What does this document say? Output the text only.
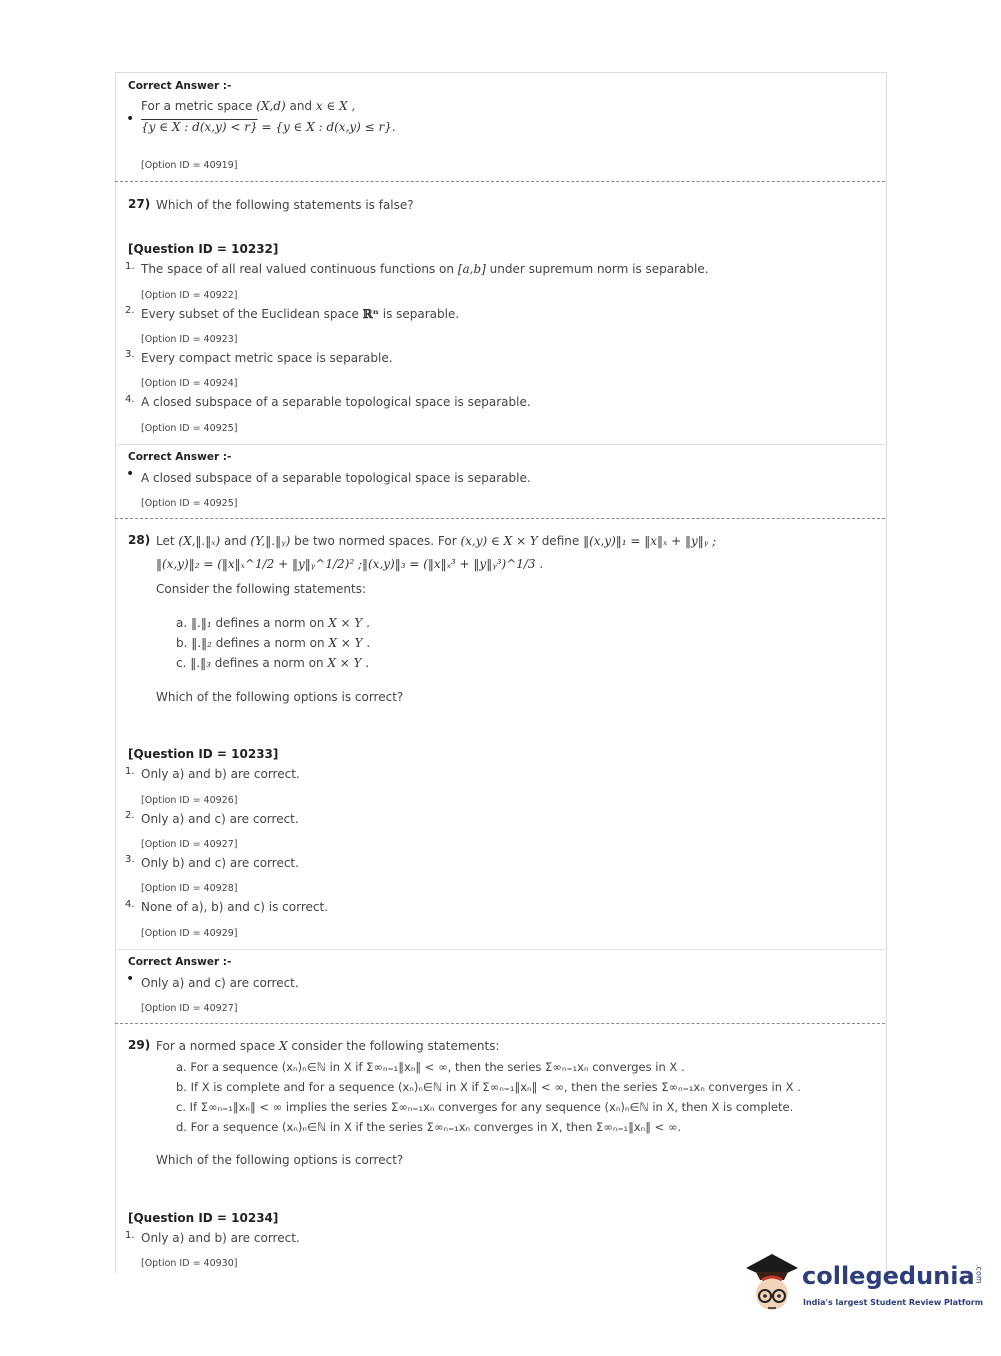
Correct Answer :-
For a metric space (X,d) and x ∈ X ,
• {y ∈ X : d(x,y) < r} = {y ∈ X : d(x,y) ≤ r}.
[Option ID = 40919]
27) Which of the following statements is false?
[Question ID = 10232]
1. The space of all real valued continuous functions on [a,b] under supremum norm is separable.
[Option ID = 40922]
2. Every subset of the Euclidean space ℝⁿ is separable.
[Option ID = 40923]
3. Every compact metric space is separable.
[Option ID = 40924]
4. A closed subspace of a separable topological space is separable.
[Option ID = 40925]
Correct Answer :-
• A closed subspace of a separable topological space is separable.
[Option ID = 40925]
28) Let (X,‖.‖ₓ) and (Y,‖.‖ᵧ) be two normed spaces. For (x,y) ∈ X × Y define ‖(x,y)‖₁ = ‖x‖ₓ + ‖y‖ᵧ ;
‖(x,y)‖₂ = (‖x‖ₓ^1/2 + ‖y‖ᵧ^1/2)² ;‖(x,y)‖₃ = (‖x‖ₓ³ + ‖y‖ᵧ³)^1/3 .
Consider the following statements:
a. ‖.‖₁ defines a norm on X × Y .
b. ‖.‖₂ defines a norm on X × Y .
c. ‖.‖₃ defines a norm on X × Y .
Which of the following options is correct?
[Question ID = 10233]
1. Only a) and b) are correct.
[Option ID = 40926]
2. Only a) and c) are correct.
[Option ID = 40927]
3. Only b) and c) are correct.
[Option ID = 40928]
4. None of a), b) and c) is correct.
[Option ID = 40929]
Correct Answer :-
• Only a) and c) are correct.
[Option ID = 40927]
29) For a normed space X consider the following statements:
a. For a sequence (xₙ)ₙ∈ℕ in X if Σ∞ₙ₌₁‖xₙ‖ < ∞, then the series Σ∞ₙ₌₁xₙ converges in X .
b. If X is complete and for a sequence (xₙ)ₙ∈ℕ in X if Σ∞ₙ₌₁‖xₙ‖ < ∞, then the series Σ∞ₙ₌₁xₙ converges in X .
c. If Σ∞ₙ₌₁‖xₙ‖ < ∞ implies the series Σ∞ₙ₌₁xₙ converges for any sequence (xₙ)ₙ∈ℕ in X, then X is complete.
d. For a sequence (xₙ)ₙ∈ℕ in X if the series Σ∞ₙ₌₁xₙ converges in X, then Σ∞ₙ₌₁‖xₙ‖ < ∞.
Which of the following options is correct?
[Question ID = 10234]
1. Only a) and b) are correct.
[Option ID = 40930]	collegedunia.com
India's largest Student Review Platform
